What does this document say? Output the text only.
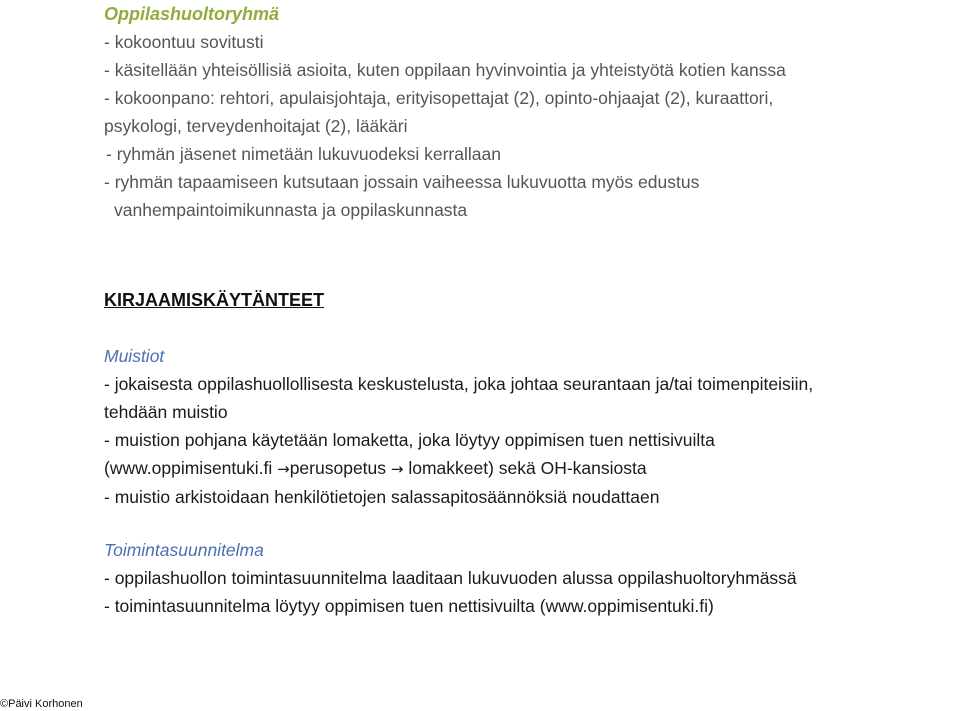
Oppilashuoltoryhmä
- kokoontuu sovitusti
- käsitellään yhteisöllisiä asioita, kuten oppilaan hyvinvointia ja yhteistyötä kotien kanssa
- kokoonpano: rehtori, apulaisjohtaja, erityisopettajat (2), opinto-ohjaajat (2), kuraattori,
psykologi, terveydenhoitajat (2), lääkäri
- ryhmän jäsenet nimetään lukuvuodeksi kerrallaan
- ryhmän tapaamiseen kutsutaan jossain vaiheessa lukuvuotta myös edustus
vanhempaintoimikunnasta ja oppilaskunnasta
KIRJAAMISKÄYTÄNTEET
Muistiot
- jokaisesta oppilashuollollisesta keskustelusta, joka johtaa seurantaan ja/tai toimenpiteisiin,
tehdään muistio
- muistion pohjana käytetään lomaketta, joka löytyy oppimisen tuen nettisivuilta
(www.oppimisentuki.fi →perusopetus → lomakkeet) sekä OH-kansiosta
- muistio arkistoidaan henkilötietojen salassapitosäännöksiä noudattaen
Toimintasuunnitelma
- oppilashuollon toimintasuunnitelma laaditaan lukuvuoden alussa oppilashuoltoryhmässä
- toimintasuunnitelma löytyy oppimisen tuen nettisivuilta (www.oppimisentuki.fi)
©Päivi Korhonen
